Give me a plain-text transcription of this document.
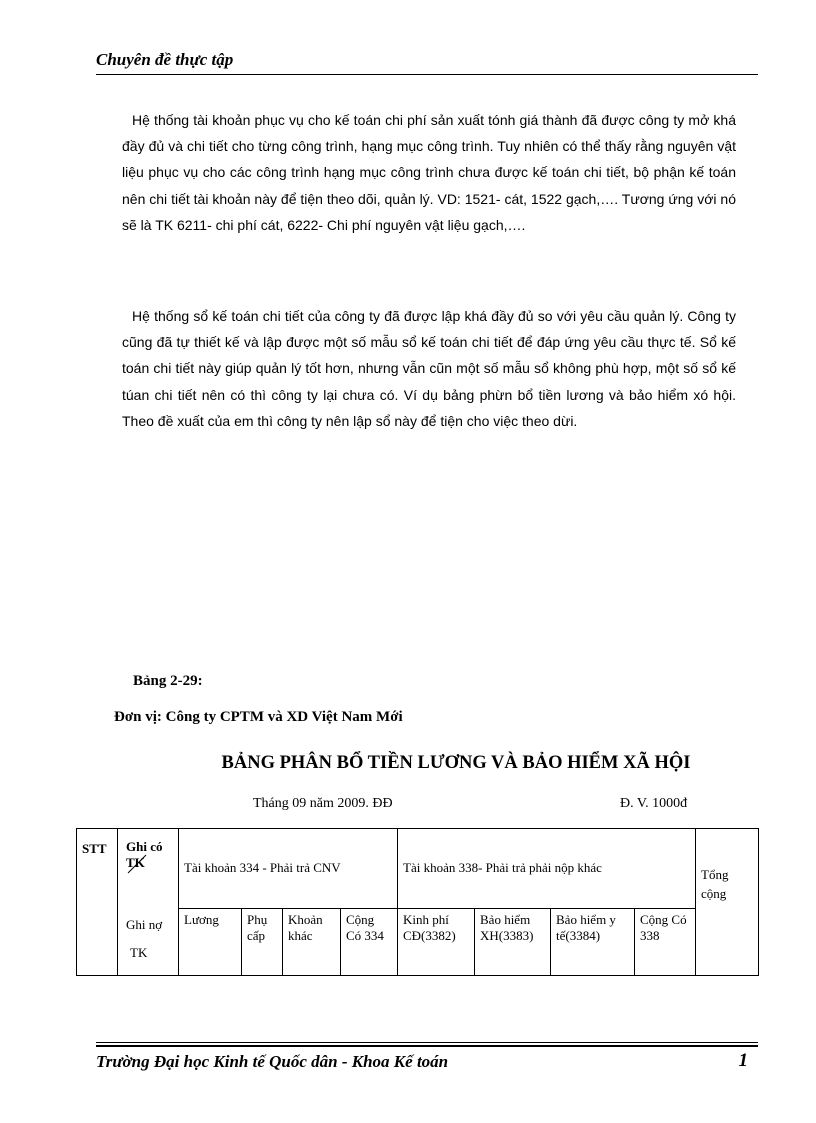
Chuyên đề thực tập

Hệ thống tài khoản phục vụ cho kế toán chi phí sản xuất tónh giá thành đã được công ty mở khá đầy đủ và chi tiết cho từng công trình, hạng mục công trình. Tuy nhiên có thể thấy rằng nguyên vật liệu phục vụ cho các công trình hạng mục công trình chưa được kế toán chi tiết, bộ phận kế toán nên chi tiết tài khoản này để tiện theo dõi, quản lý. VD: 1521- cát, 1522 gạch,…. Tương ứng với nó sẽ là TK 6211- chi phí cát, 6222- Chi phí nguyên vật liệu gạch,….

Hệ thống sổ kế toán chi tiết của công ty đã được lập khá đầy đủ so với yêu cầu quản lý. Công ty cũng đã tự thiết kế và lập được một số mẫu sổ kế toán chi tiết để đáp ứng yêu cầu thực tế. Sổ kế toán chi tiết này giúp quản lý tốt hơn, nhưng vẫn cũn một số mẫu sổ không phù hợp, một số sổ kế túan chi tiết nên có thì công ty lại chưa có. Ví dụ bảng phừn bổ tiền lương và bảo hiểm xó hội. Theo đề xuất của em thì công ty nên lập sổ này để tiện cho việc theo dừi.

Bảng 2-29:
Đơn vị: Công ty CPTM và XD Việt Nam Mới
BẢNG PHÂN BỔ TIỀN LƯƠNG VÀ BẢO HIỂM XÃ HỘI
Tháng 09 năm 2009. ĐĐ	Đ. V. 1000đ
STT	Ghi có
TK
Ghi nợ
TK	Tài khoản 334 - Phải trả CNV				Tài khoản 338- Phải trả phải nộp khác				Tổng cộng
		Lương	Phụ cấp	Khoản khác	Cộng Có 334	Kinh phí CĐ(3382)	Bảo hiểm XH(3383)	Bảo hiểm y tế(3384)	Cộng Có 338	
Trường Đại học Kinh tế Quốc dân - Khoa Kế toán	1
